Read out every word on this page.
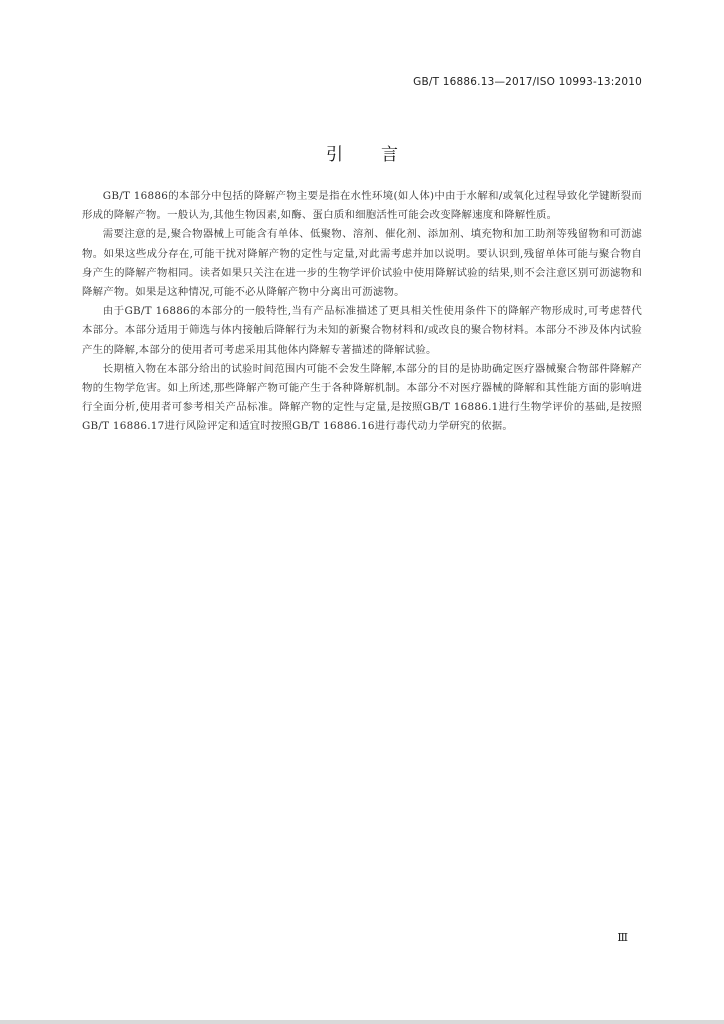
GB/T 16886.13—2017/ISO 10993-13:2010
引言

GB/T 16886的本部分中包括的降解产物主要是指在水性环境(如人体)中由于水解和/或氧化过程导致化学键断裂而形成的降解产物。一般认为,其他生物因素,如酶、蛋白质和细胞活性可能会改变降解速度和降解性质。

需要注意的是,聚合物器械上可能含有单体、低聚物、溶剂、催化剂、添加剂、填充物和加工助剂等残留物和可沥滤物。如果这些成分存在,可能干扰对降解产物的定性与定量,对此需考虑并加以说明。要认识到,残留单体可能与聚合物自身产生的降解产物相同。读者如果只关注在进一步的生物学评价试验中使用降解试验的结果,则不会注意区别可沥滤物和降解产物。如果是这种情况,可能不必从降解产物中分离出可沥滤物。

由于GB/T 16886的本部分的一般特性,当有产品标准描述了更具相关性使用条件下的降解产物形成时,可考虑替代本部分。本部分适用于筛选与体内接触后降解行为未知的新聚合物材料和/或改良的聚合物材料。本部分不涉及体内试验产生的降解,本部分的使用者可考虑采用其他体内降解专著描述的降解试验。

长期植入物在本部分给出的试验时间范围内可能不会发生降解,本部分的目的是协助确定医疗器械聚合物部件降解产物的生物学危害。如上所述,那些降解产物可能产生于各种降解机制。本部分不对医疗器械的降解和其性能方面的影响进行全面分析,使用者可参考相关产品标准。降解产物的定性与定量,是按照GB/T 16886.1进行生物学评价的基础,是按照GB/T 16886.17进行风险评定和适宜时按照GB/T 16886.16进行毒代动力学研究的依据。

Ⅲ
